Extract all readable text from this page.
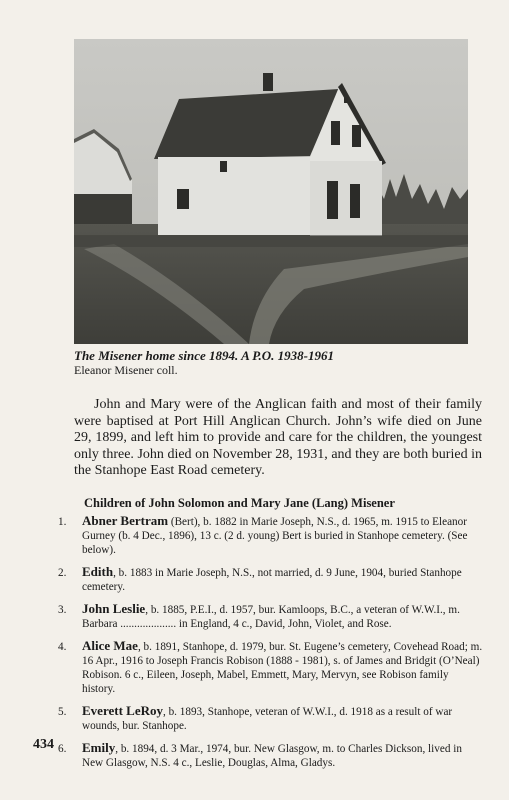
The Misener home since 1894. A P.O. 1938-1961
Eleanor Misener coll.

John and Mary were of the Anglican faith and most of their family were baptised at Port Hill Anglican Church. John’s wife died on June 29, 1899, and left him to provide and care for the children, the youngest only three. John died on November 28, 1931, and they are both buried in the Stanhope East Road cemetery.

Children of John Solomon and Mary Jane (Lang) Misener
1. Abner Bertram (Bert), b. 1882 in Marie Joseph, N.S., d. 1965, m. 1915 to Eleanor Gurney (b. 4 Dec., 1896), 13 c. (2 d. young) Bert is buried in Stanhope cemetery. (See below).
2. Edith, b. 1883 in Marie Joseph, N.S., not married, d. 9 June, 1904, buried Stanhope cemetery.
3. John Leslie, b. 1885, P.E.I., d. 1957, bur. Kamloops, B.C., a veteran of W.W.I., m. Barbara .................... in England, 4 c., David, John, Violet, and Rose.
4. Alice Mae, b. 1891, Stanhope, d. 1979, bur. St. Eugene’s cemetery, Covehead Road; m. 16 Apr., 1916 to Joseph Francis Robison (1888 - 1981), s. of James and Bridgit (O’Neal) Robison. 6 c., Eileen, Joseph, Mabel, Emmett, Mary, Mervyn, see Robison family history.
5. Everett LeRoy, b. 1893, Stanhope, veteran of W.W.I., d. 1918 as a result of war wounds, bur. Stanhope.
6. Emily, b. 1894, d. 3 Mar., 1974, bur. New Glasgow, m. to Charles Dickson, lived in New Glasgow, N.S. 4 c., Leslie, Douglas, Alma, Gladys.
434
